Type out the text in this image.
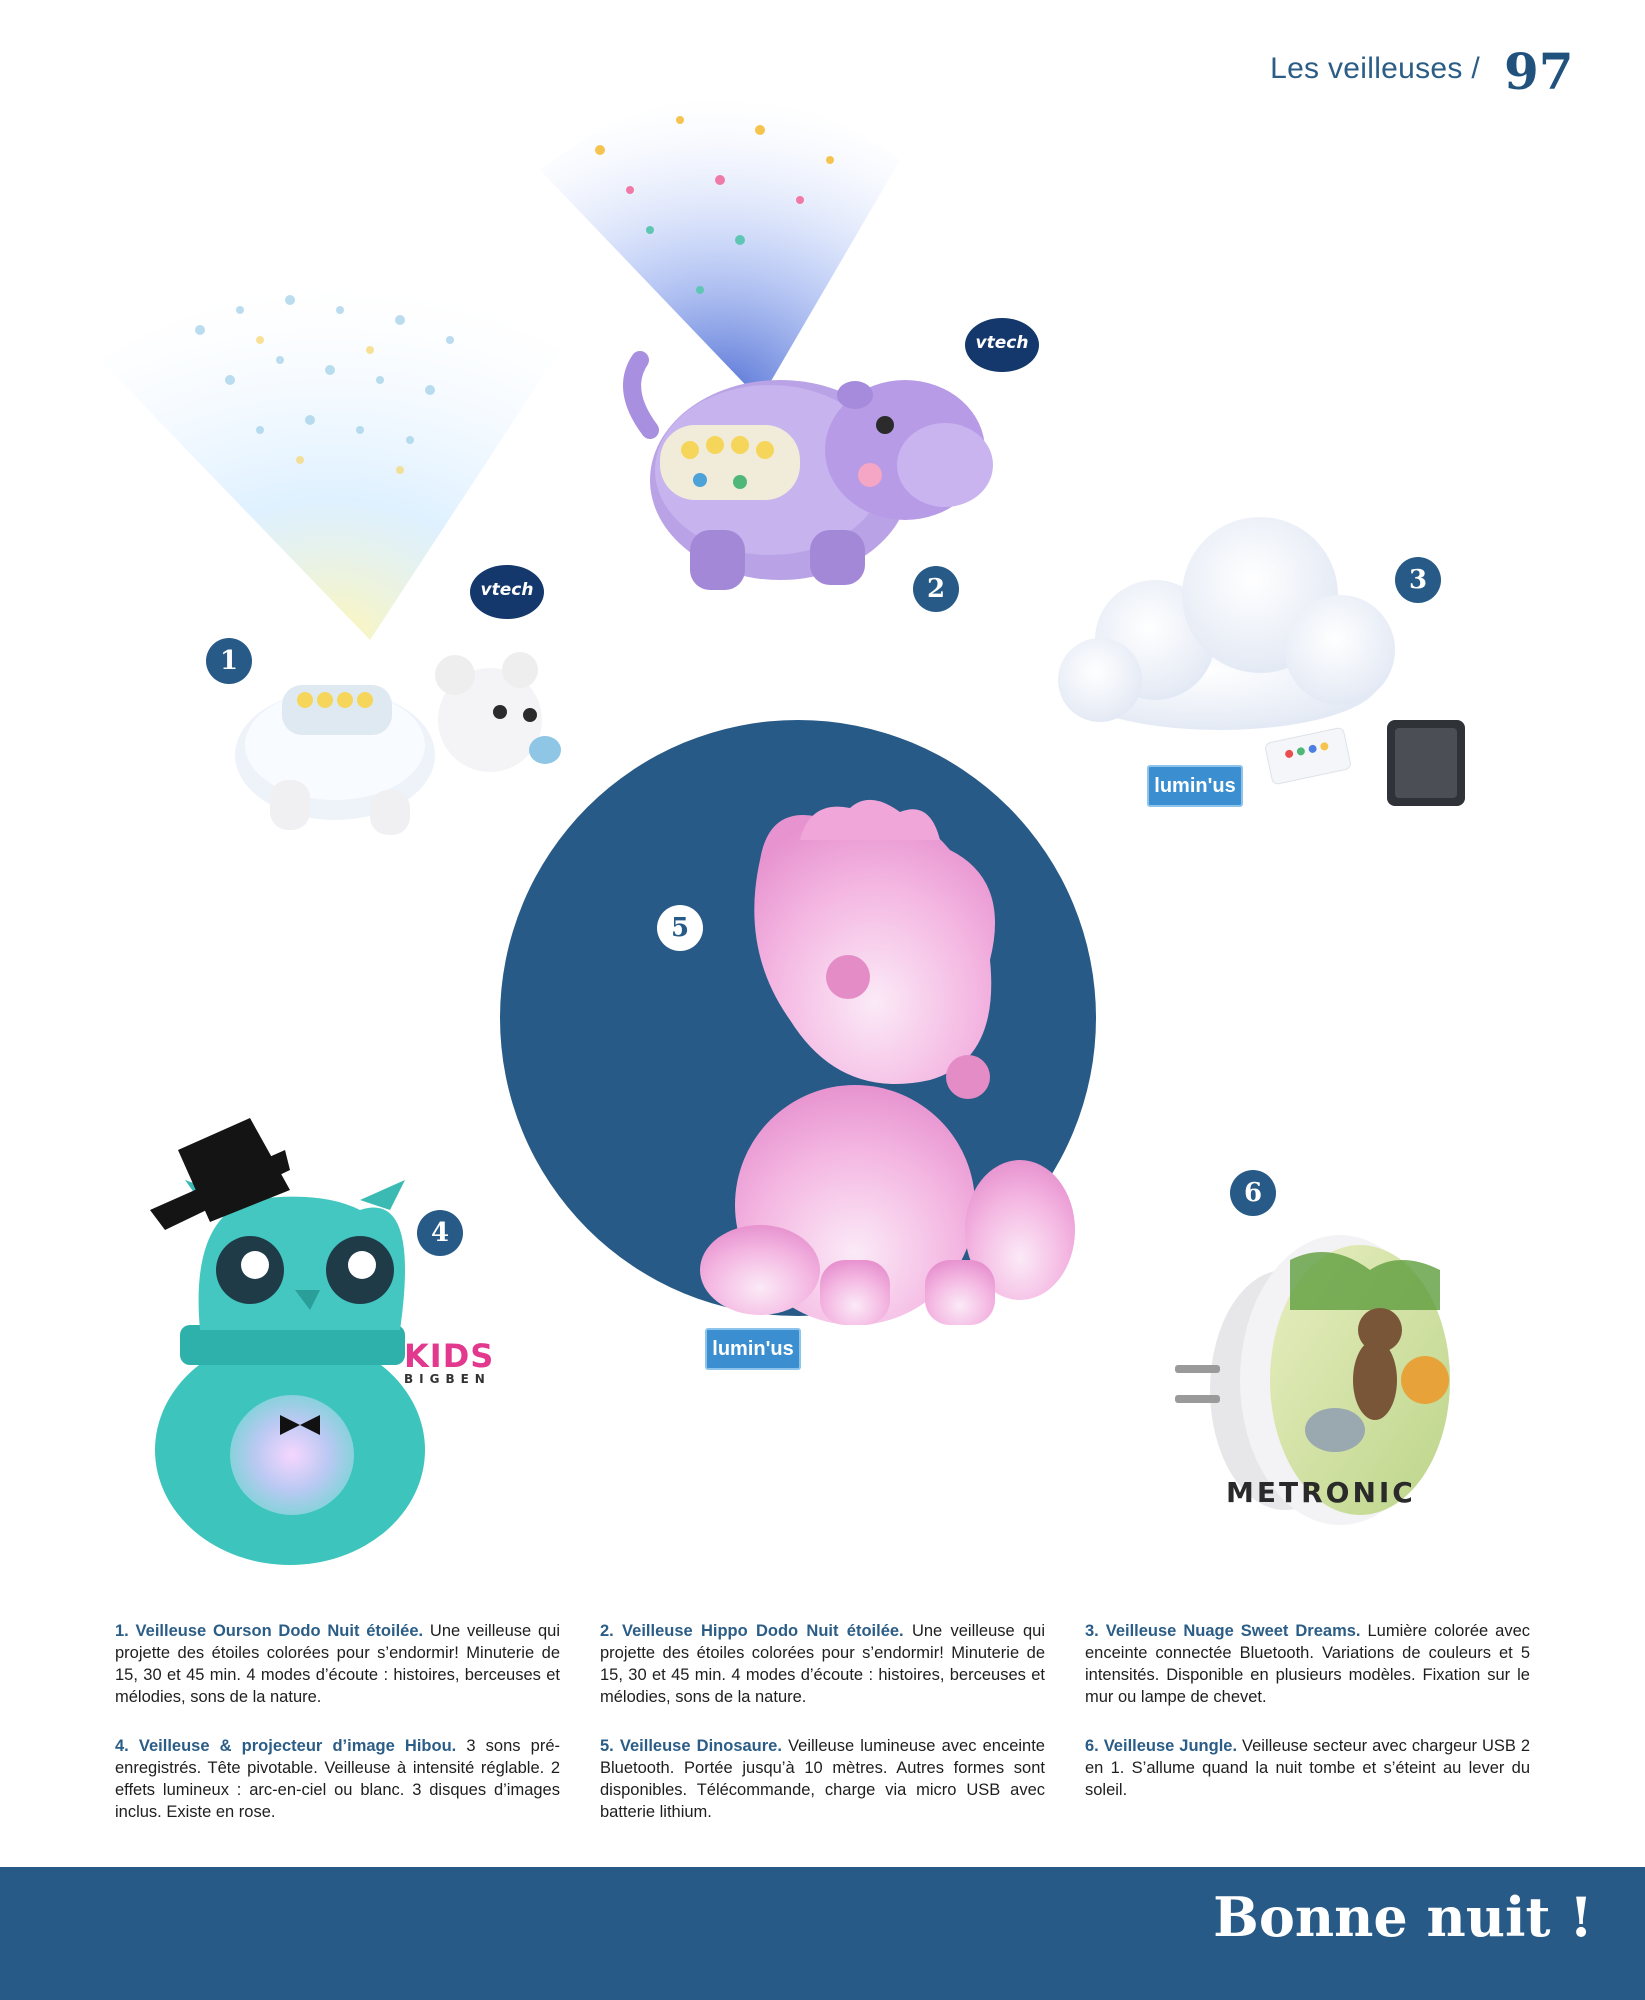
Les veilleuses / 97
1
2	3
4
5
6
vtech
vtech
lumin'us
lumin'us
KIDS
BIGBEN
METRONIC
1. Veilleuse Ourson Dodo Nuit étoilée. Une veilleuse qui projette des étoiles colorées pour s’endormir! Minuterie de 15, 30 et 45 min. 4 modes d’écoute : histoires, berceuses et mélodies, sons de la nature.
2. Veilleuse Hippo Dodo Nuit étoilée. Une veilleuse qui projette des étoiles colorées pour s’endormir! Minuterie de 15, 30 et 45 min. 4 modes d’écoute : histoires, berceuses et mélodies, sons de la nature.
3. Veilleuse Nuage Sweet Dreams. Lumière colorée avec enceinte connectée Bluetooth. Variations de couleurs et 5 intensités. Disponible en plusieurs modèles. Fixation sur le mur ou lampe de chevet.
4. Veilleuse & projecteur d’image Hibou. 3 sons pré-enregistrés. Tête pivotable. Veilleuse à intensité réglable. 2 effets lumineux : arc-en-ciel ou blanc. 3 disques d’images inclus. Existe en rose.
5. Veilleuse Dinosaure. Veilleuse lumineuse avec enceinte Bluetooth. Portée jusqu’à 10 mètres. Autres formes sont disponibles. Télécommande, charge via micro USB avec batterie lithium.
6. Veilleuse Jungle. Veilleuse secteur avec chargeur USB 2 en 1. S’allume quand la nuit tombe et s’éteint au lever du soleil.
Bonne nuit !
